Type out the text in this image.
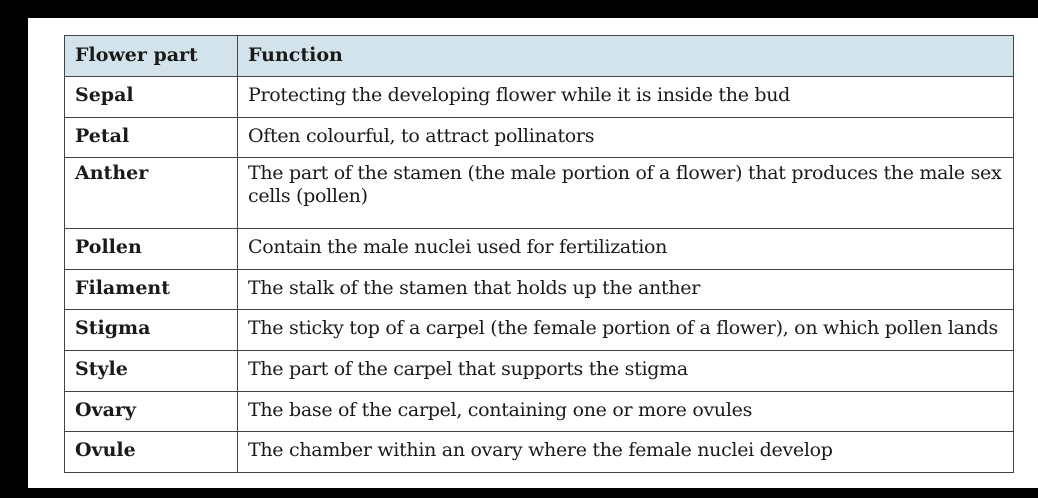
Flower part	Function
Sepal	Protecting the developing flower while it is inside the bud
Petal	Often colourful, to attract pollinators
Anther	The part of the stamen (the male portion of a flower) that produces the male sex cells (pollen)
Pollen	Contain the male nuclei used for fertilization
Filament	The stalk of the stamen that holds up the anther
Stigma	The sticky top of a carpel (the female portion of a flower), on which pollen lands
Style	The part of the carpel that supports the stigma
Ovary	The base of the carpel, containing one or more ovules
Ovule	The chamber within an ovary where the female nuclei develop
